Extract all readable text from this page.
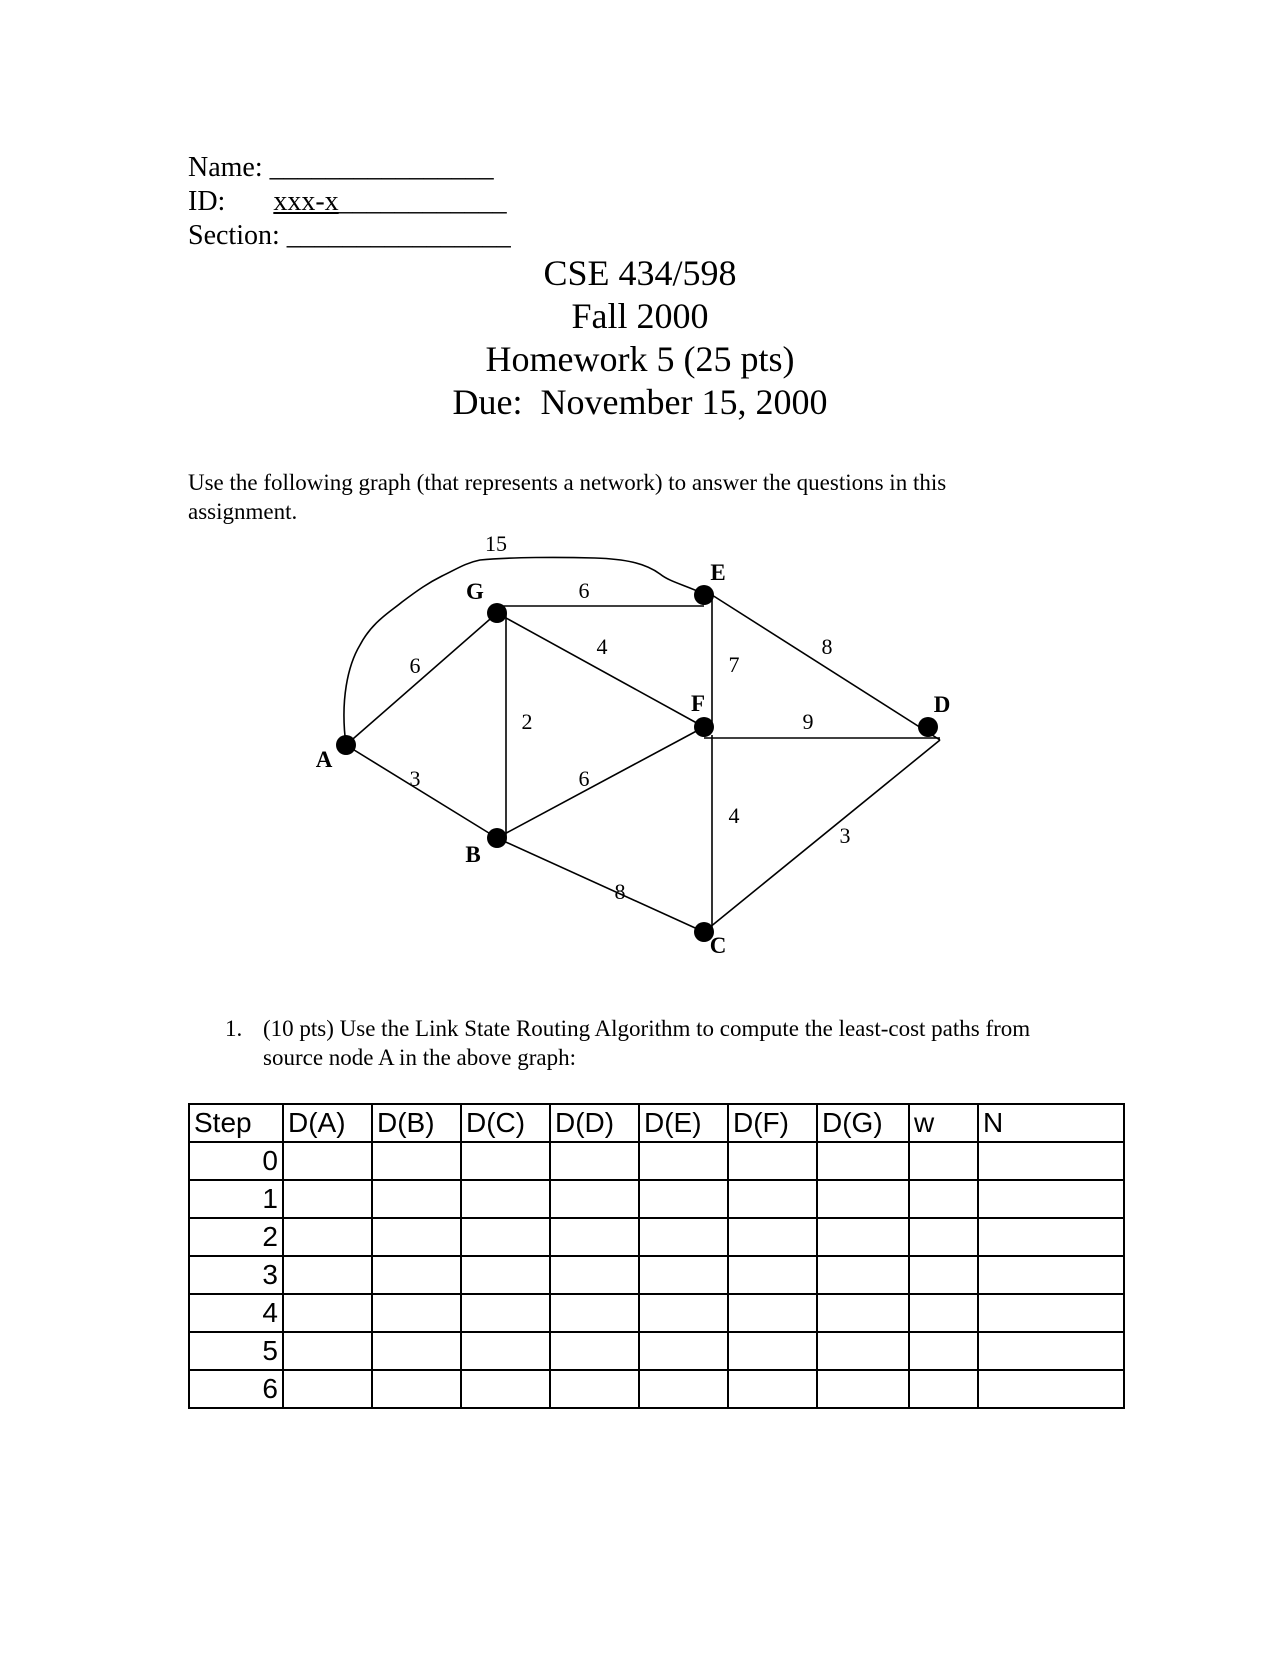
Name: ________________
ID: xxx-x____________
Section: ________________
CSE 434/598
Fall 2000
Homework 5 (25 pts)
Due:  November 15, 2000
Use the following graph (that represents a network) to answer the questions in this assignment.
A
G
E
F	D
B
C
15
6
6
4
7
8
2	9
3	6
4
3
8
1. (10 pts) Use the Link State Routing Algorithm to compute the least-cost paths from source node A in the above graph:
Step	D(A)	D(B)	D(C)	D(D)	D(E)	D(F)	D(G)	w	N
0									
1									
2									
3									
4									
5									
6									
